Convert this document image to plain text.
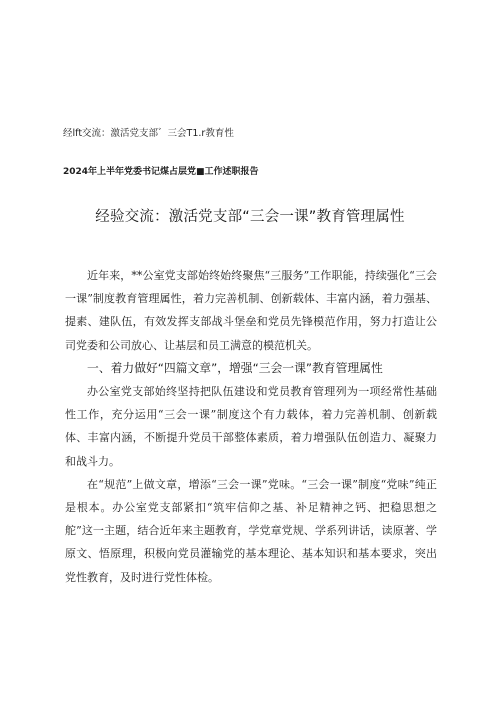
经lft交流：激活党支部゛三会T1.r教育性
2024年上半年党委书记煤占层党■工作述职报告
经验交流：激活党支部“三会一课”教育管理属性

近年来，**公室党支部始终始终聚焦“三服务”工作职能，持续强化“三会一课”制度教育管理属性，着力完善机制、创新载体、丰富内涵，着力强基、提素、建队伍，有效发挥支部战斗堡垒和党员先锋模范作用，努力打造让公司党委和公司放心、让基层和员工满意的模范机关。

一、着力做好“四篇文章”，增强“三会一课”教育管理属性

办公室党支部始终坚持把队伍建设和党员教育管理列为一项经常性基础性工作，充分运用“三会一课”制度这个有力载体，着力完善机制、创新载体、丰富内涵，不断提升党员干部整体素质，着力增强队伍创造力、凝聚力和战斗力。

在“规范”上做文章，增添“三会一课”党味。“三会一课”制度“党味”纯正是根本。办公室党支部紧扣“筑牢信仰之基、补足精神之钙、把稳思想之舵”这一主题，结合近年来主题教育，学党章党规、学系列讲话，读原著、学原文、悟原理，积极向党员灌输党的基本理论、基本知识和基本要求，突出党性教育，及时进行党性体检。
